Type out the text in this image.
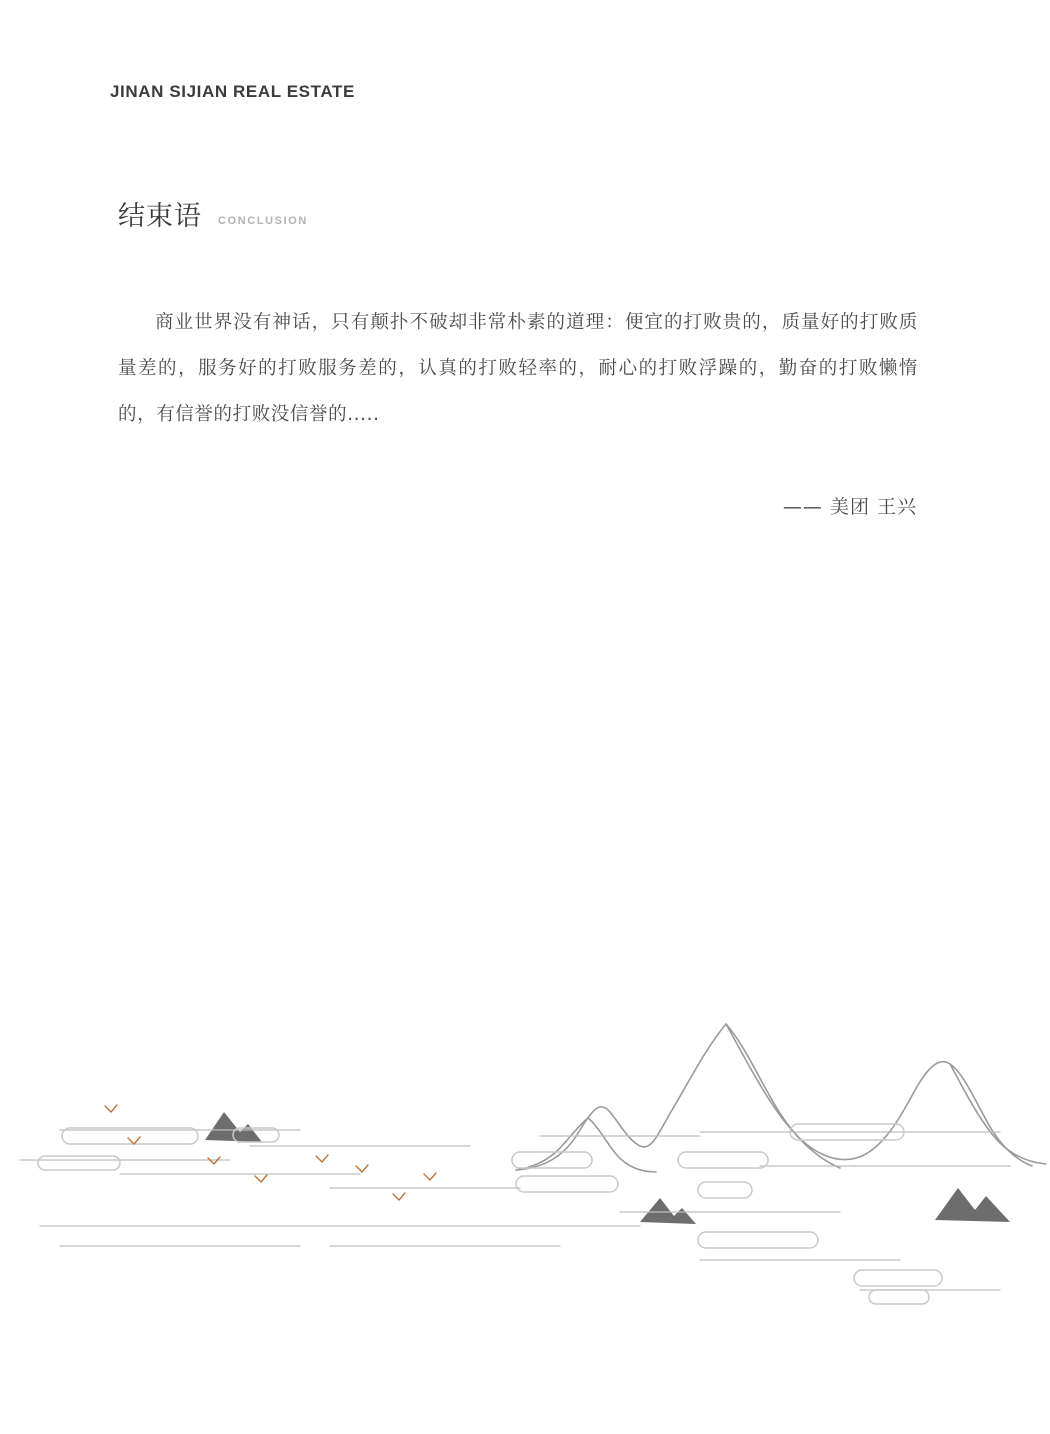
JINAN SIJIAN REAL ESTATE
结束语 CONCLUSION
商业世界没有神话，只有颠扑不破却非常朴素的道理：便宜的打败贵的，质量好的打败质量差的，服务好的打败服务差的，认真的打败轻率的，耐心的打败浮躁的，勤奋的打败懒惰的，有信誉的打败没信誉的.....
—— 美团 王兴
